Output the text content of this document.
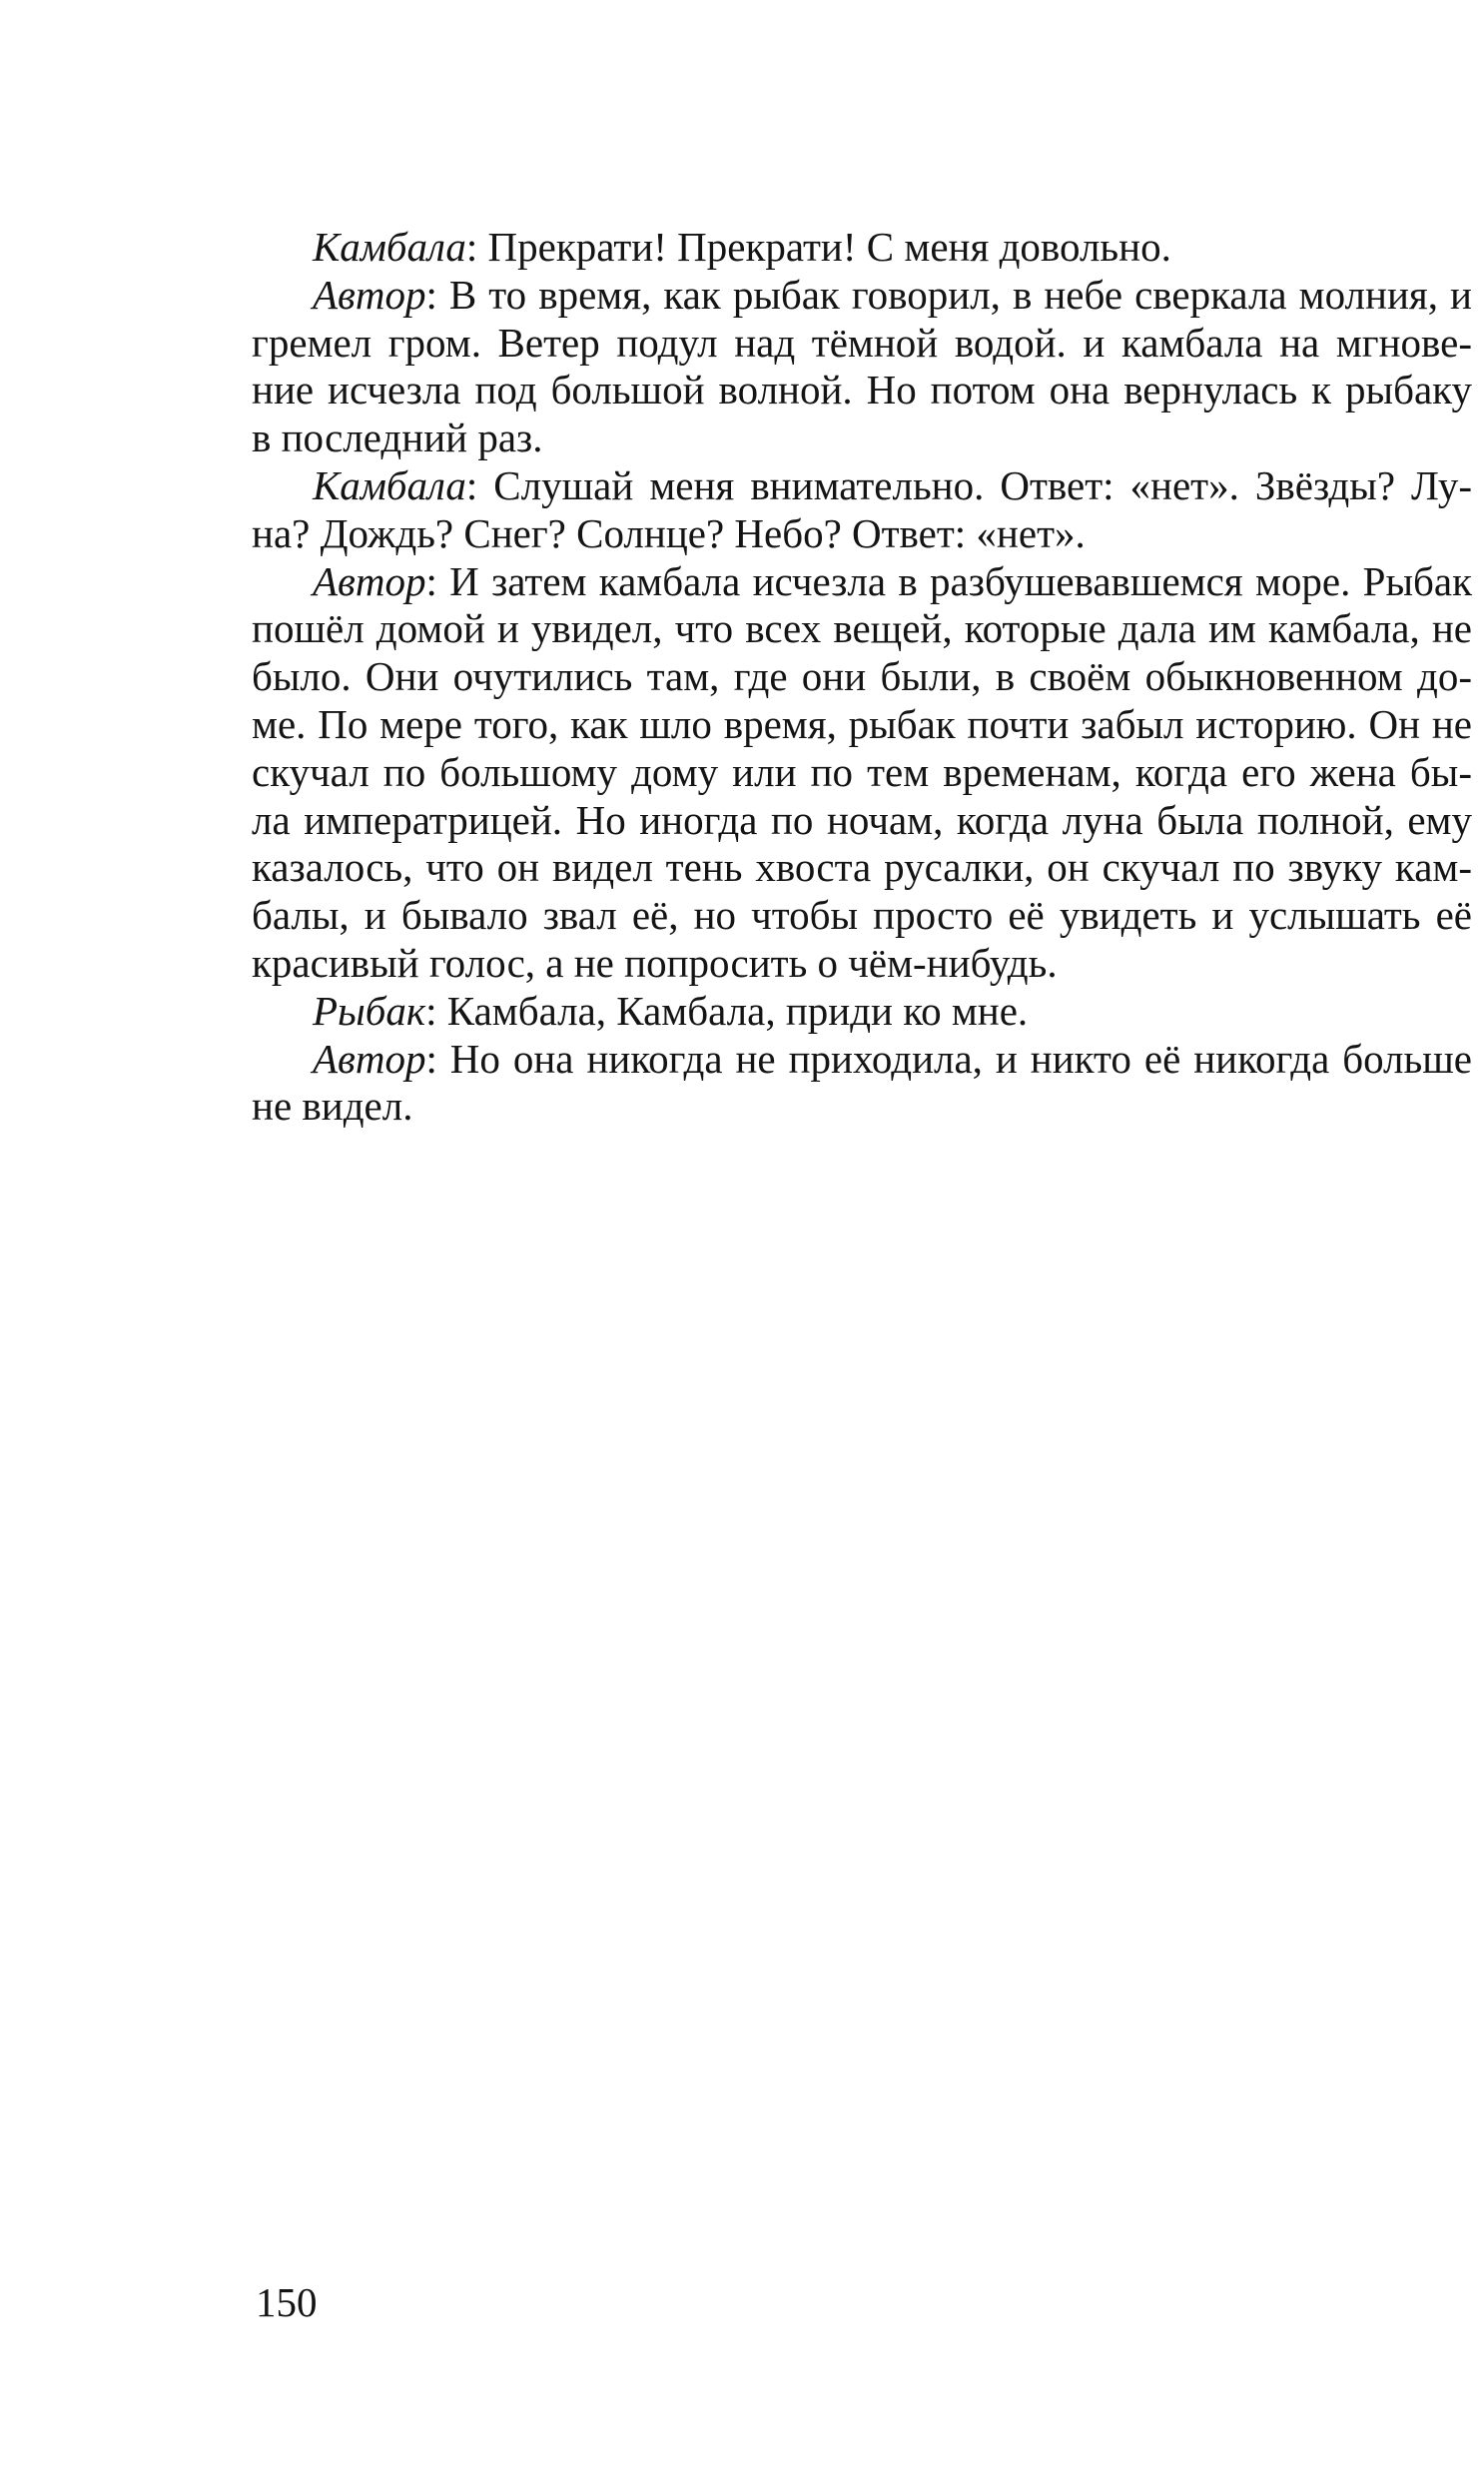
Камбала: Прекрати! Прекрати! С меня довольно.
Автор: В то время, как рыбак говорил, в небе сверкала молния, и
гремел гром. Ветер подул над тёмной водой. и камбала на мгнове-
ние исчезла под большой волной. Но потом она вернулась к рыбаку
в последний раз.
Камбала: Слушай меня внимательно. Ответ: «нет». Звёзды? Лу-
на? Дождь? Снег? Солнце? Небо? Ответ: «нет».
Автор: И затем камбала исчезла в разбушевавшемся море. Рыбак
пошёл домой и увидел, что всех вещей, которые дала им камбала, не
было. Они очутились там, где они были, в своём обыкновенном до-
ме. По мере того, как шло время, рыбак почти забыл историю. Он не
скучал по большому дому или по тем временам, когда его жена бы-
ла императрицей. Но иногда по ночам, когда луна была полной, ему
казалось, что он видел тень хвоста русалки, он скучал по звуку кам-
балы, и бывало звал её, но чтобы просто её увидеть и услышать её
красивый голос, а не попросить о чём-нибудь.
Рыбак: Камбала, Камбала, приди ко мне.
Автор: Но она никогда не приходила, и никто её никогда больше
не видел.
150
